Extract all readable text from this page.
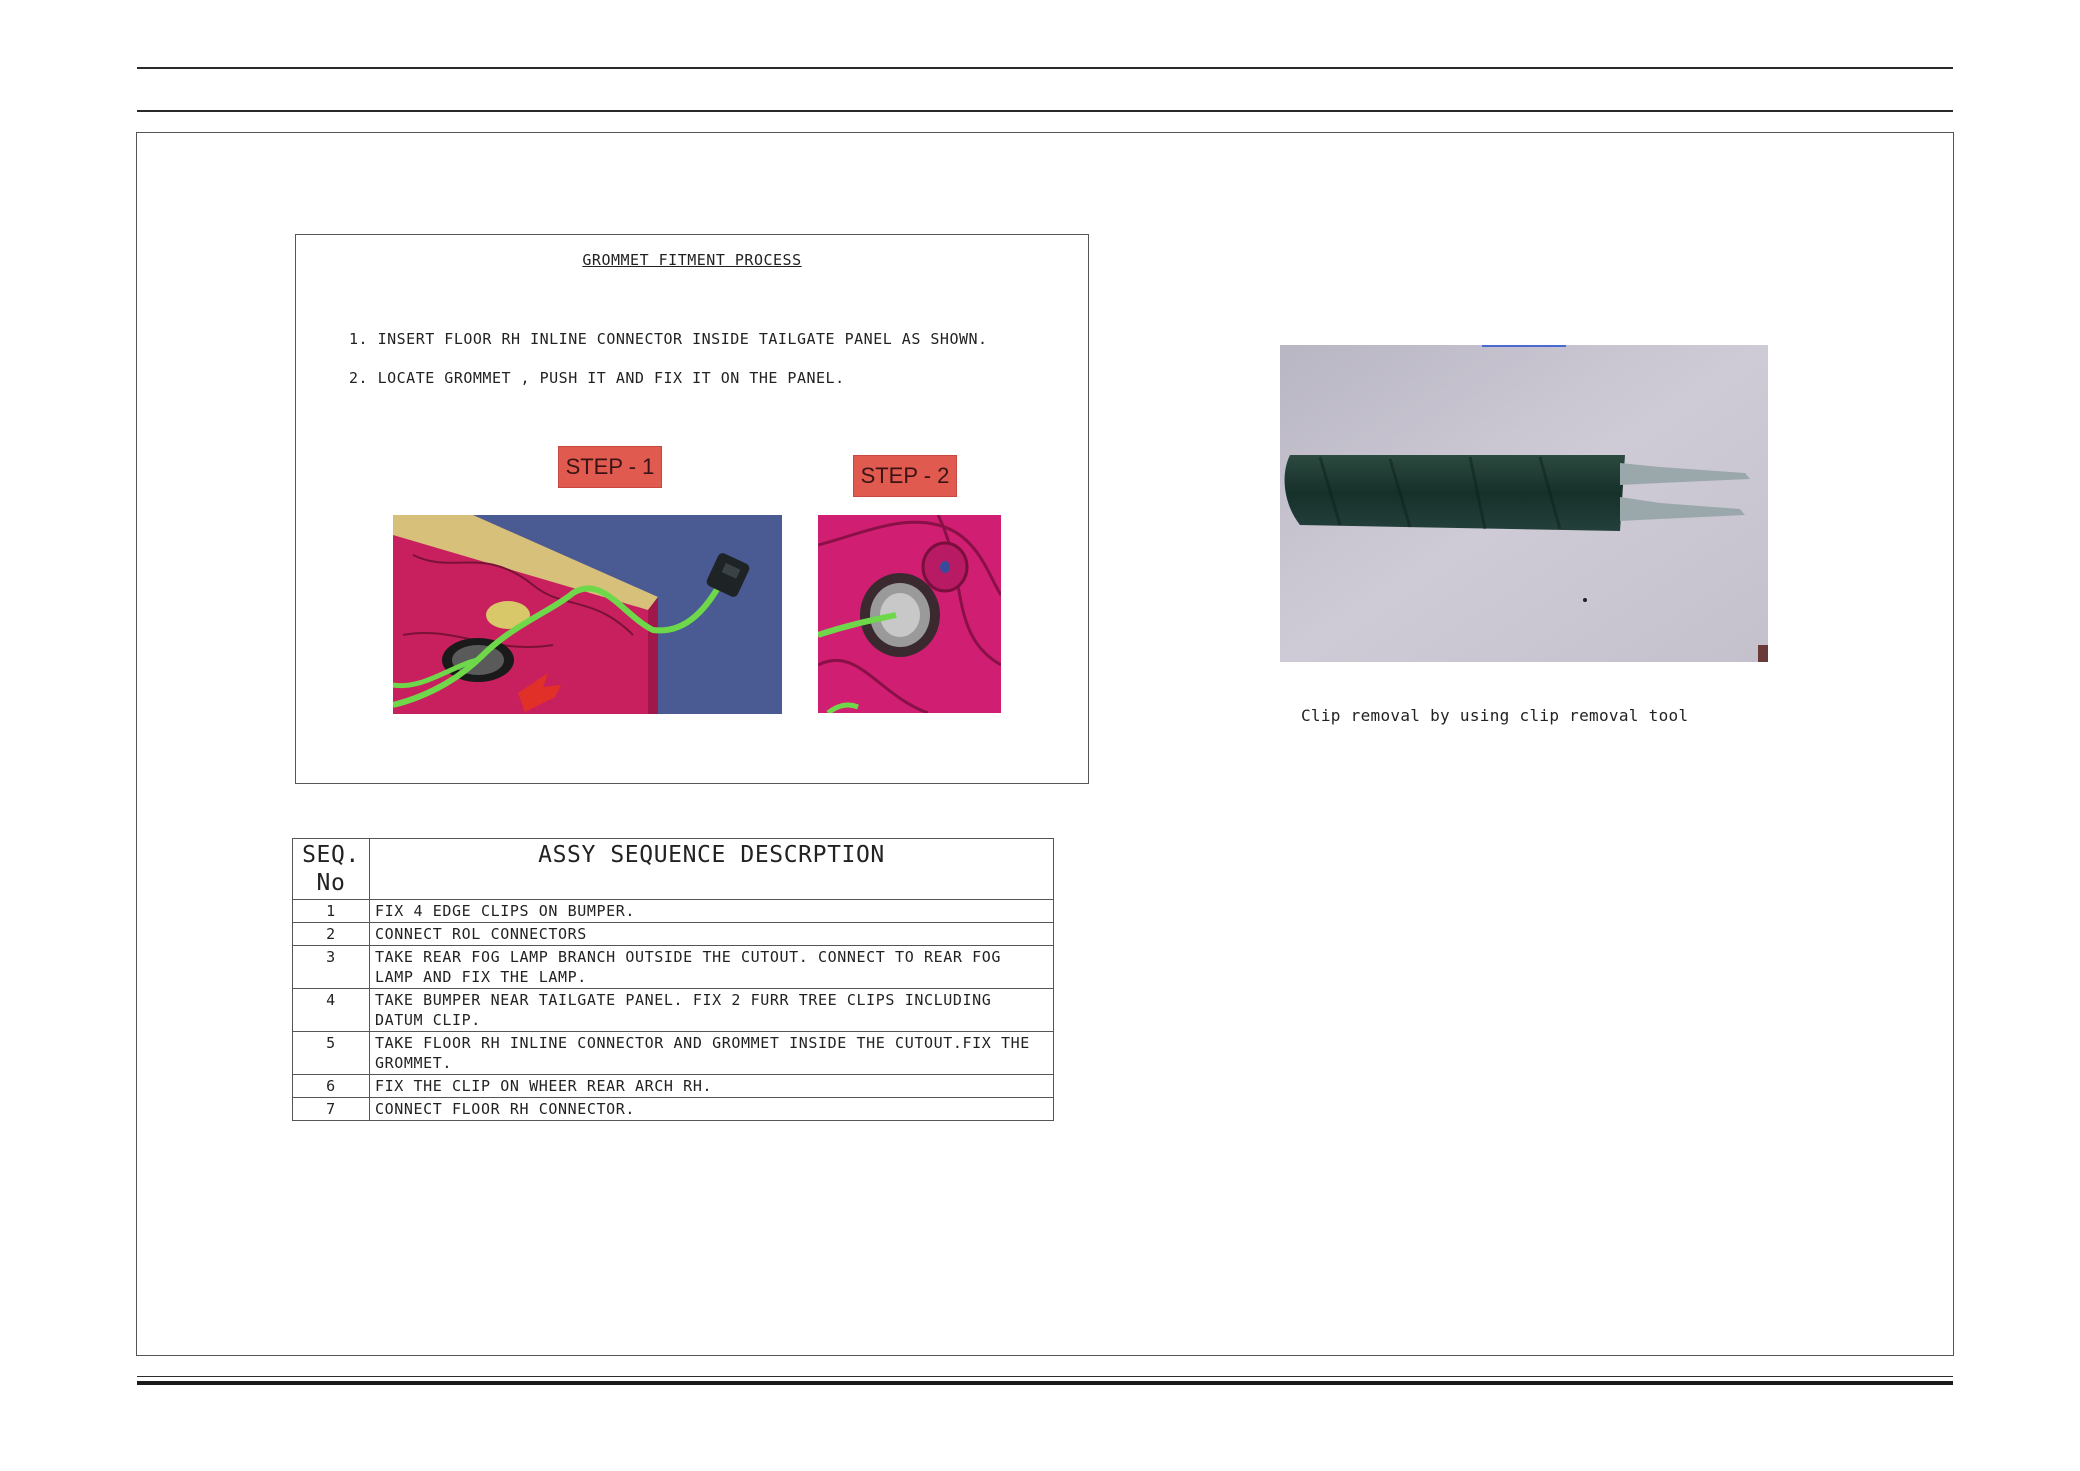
GROMMET FITMENT PROCESS
1. INSERT FLOOR RH INLINE CONNECTOR INSIDE TAILGATE PANEL AS SHOWN.
2. LOCATE GROMMET , PUSH IT AND FIX IT ON THE PANEL.
STEP - 1	STEP - 2
SEQ. No	ASSY SEQUENCE DESCRPTION
1	FIX 4 EDGE CLIPS ON BUMPER.
2	CONNECT ROL CONNECTORS
3	TAKE REAR FOG LAMP BRANCH OUTSIDE THE CUTOUT. CONNECT TO REAR FOG LAMP AND FIX THE LAMP.
4	TAKE BUMPER NEAR TAILGATE PANEL. FIX 2 FURR TREE CLIPS INCLUDING DATUM CLIP.
5	TAKE FLOOR RH INLINE CONNECTOR AND GROMMET INSIDE THE CUTOUT.FIX THE GROMMET.
6	FIX THE CLIP ON WHEER REAR ARCH RH.
7	CONNECT FLOOR RH CONNECTOR.
Clip removal by using clip removal tool
